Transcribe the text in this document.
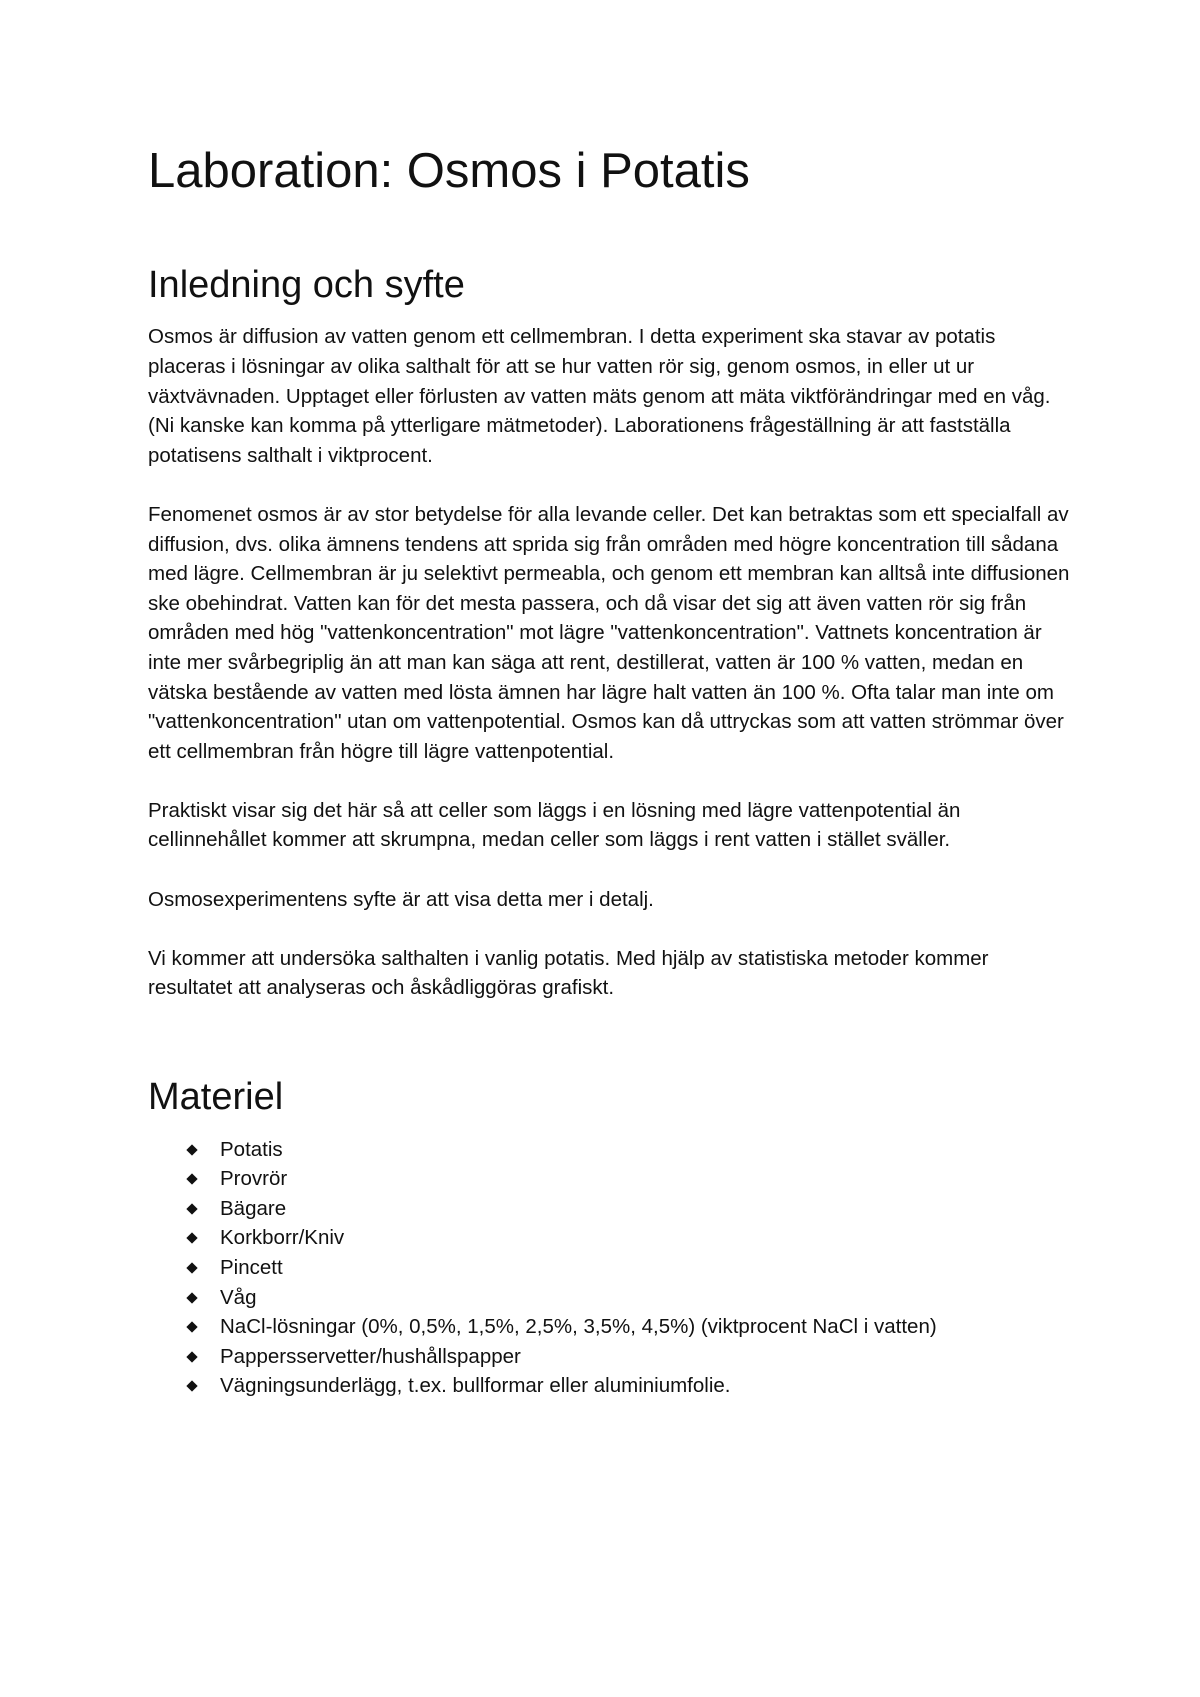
Laboration: Osmos i Potatis
Inledning och syfte

Osmos är diffusion av vatten genom ett cellmembran. I detta experiment ska stavar av potatis placeras i lösningar av olika salthalt för att se hur vatten rör sig, genom osmos, in eller ut ur växtvävnaden. Upptaget eller förlusten av vatten mäts genom att mäta viktförändringar med en våg. (Ni kanske kan komma på ytterligare mätmetoder). Laborationens frågeställning är att fastställa potatisens salthalt i viktprocent.

Fenomenet osmos är av stor betydelse för alla levande celler. Det kan betraktas som ett specialfall av diffusion, dvs. olika ämnens tendens att sprida sig från områden med högre koncentration till sådana med lägre. Cellmembran är ju selektivt permeabla, och genom ett membran kan alltså inte diffusionen ske obehindrat. Vatten kan för det mesta passera, och då visar det sig att även vatten rör sig från områden med hög "vattenkoncentration" mot lägre "vattenkoncentration". Vattnets koncentration är inte mer svårbegriplig än att man kan säga att rent, destillerat, vatten är 100 % vatten, medan en vätska bestående av vatten med lösta ämnen har lägre halt vatten än 100 %. Ofta talar man inte om "vattenkoncentration" utan om vattenpotential. Osmos kan då uttryckas som att vatten strömmar över ett cellmembran från högre till lägre vattenpotential.

Praktiskt visar sig det här så att celler som läggs i en lösning med lägre vattenpotential än cellinnehållet kommer att skrumpna, medan celler som läggs i rent vatten i stället sväller.

Osmosexperimentens syfte är att visa detta mer i detalj.

Vi kommer att undersöka salthalten i vanlig potatis. Med hjälp av statistiska metoder kommer resultatet att analyseras och åskådliggöras grafiskt.

Materiel
Potatis
Provrör
Bägare
Korkborr/Kniv
Pincett
Våg
NaCl-lösningar (0%, 0,5%, 1,5%, 2,5%, 3,5%, 4,5%) (viktprocent NaCl i vatten)
Pappersservetter/hushållspapper
Vägningsunderlägg, t.ex. bullformar eller aluminiumfolie.
